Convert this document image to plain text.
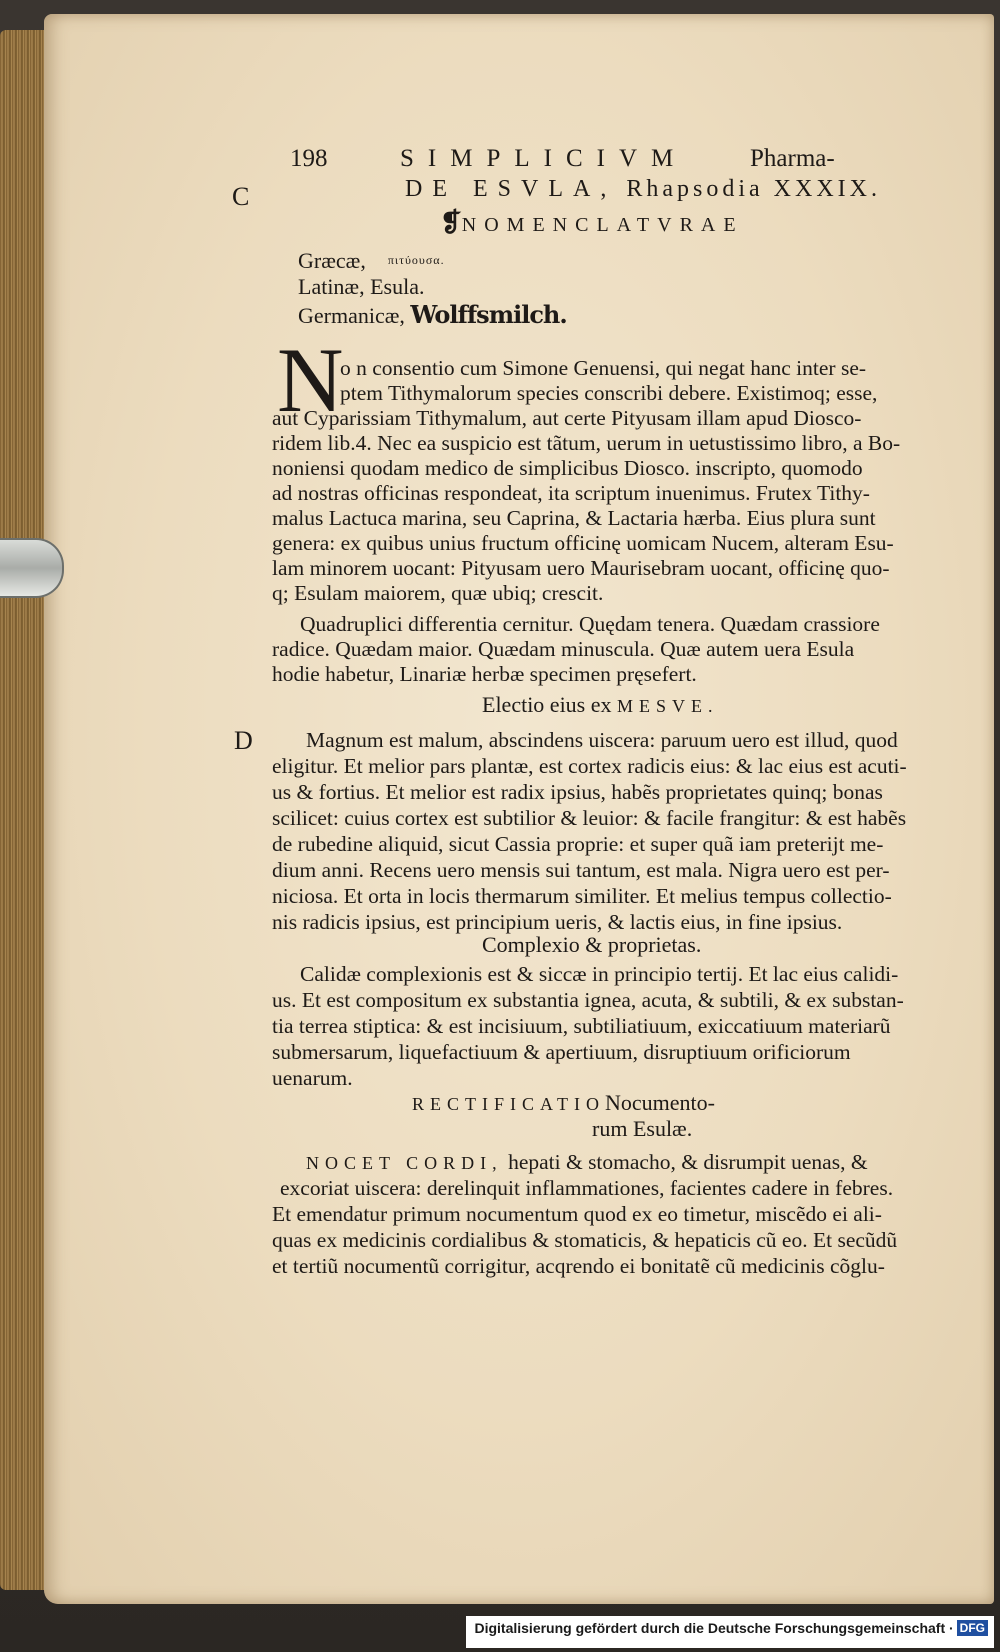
198	SIMPLICIVM	Pharma-
C	DE ESVLA, Rhapsodia XXXIX.
❡NOMENCLATVRAE
Græcæ, πιτύουσα.
Latinæ, Esula.
Germanicæ, Wolffsmilch.
N
o n consentio cum Simone Genuensi, qui negat hanc inter se-
ptem Tithymalorum species conscribi debere. Existimoq; esse,
aut Cyparissiam Tithymalum, aut certe Pityusam illam apud Diosco-
ridem lib.4. Nec ea suspicio est tãtum, uerum in uetustissimo libro, a Bo-
noniensi quodam medico de simplicibus Diosco. inscripto, quomodo
ad nostras officinas respondeat, ita scriptum inuenimus. Frutex Tithy-
malus Lactuca marina, seu Caprina, & Lactaria hærba. Eius plura sunt
genera: ex quibus unius fructum officinę uomicam Nucem, alteram Esu-
lam minorem uocant: Pityusam uero Maurisebram uocant, officinę quo-
q; Esulam maiorem, quæ ubiq; crescit.
Quadruplici differentia cernitur. Quędam tenera. Quædam crassiore
radice. Quædam maior. Quædam minuscula. Quæ autem uera Esula
hodie habetur, Linariæ herbæ specimen pręsefert.
Electio eius ex MESVE.
D Magnum est malum, abscindens uiscera: paruum uero est illud, quod
eligitur. Et melior pars plantæ, est cortex radicis eius: & lac eius est acuti-
us & fortius. Et melior est radix ipsius, habẽs proprietates quinq; bonas
scilicet: cuius cortex est subtilior & leuior: & facile frangitur: & est habẽs
de rubedine aliquid, sicut Cassia proprie: et super quã iam preterijt me-
dium anni. Recens uero mensis sui tantum, est mala. Nigra uero est per-
niciosa. Et orta in locis thermarum similiter. Et melius tempus collectio-
nis radicis ipsius, est principium ueris, & lactis eius, in fine ipsius.
Complexio & proprietas.
Calidæ complexionis est & siccæ in principio tertij. Et lac eius calidi-
us. Et est compositum ex substantia ignea, acuta, & subtili, & ex substan-
tia terrea stiptica: & est incisiuum, subtiliatiuum, exiccatiuum materiarũ
submersarum, liquefactiuum & apertiuum, disruptiuum orificiorum
uenarum.
RECTIFICATIONocumento-
rum Esulæ.
NOCET CORDI, hepati & stomacho, & disrumpit uenas, &
excoriat uiscera: derelinquit inflammationes, facientes cadere in febres.
Et emendatur primum nocumentum quod ex eo timetur, miscẽdo ei ali-
quas ex medicinis cordialibus & stomaticis, & hepaticis cũ eo. Et secũdũ
et tertiũ nocumentũ corrigitur, acqrendo ei bonitatẽ cũ medicinis cõglu-
Digitalisierung gefördert durch die Deutsche Forschungsgemeinschaft · DFG
